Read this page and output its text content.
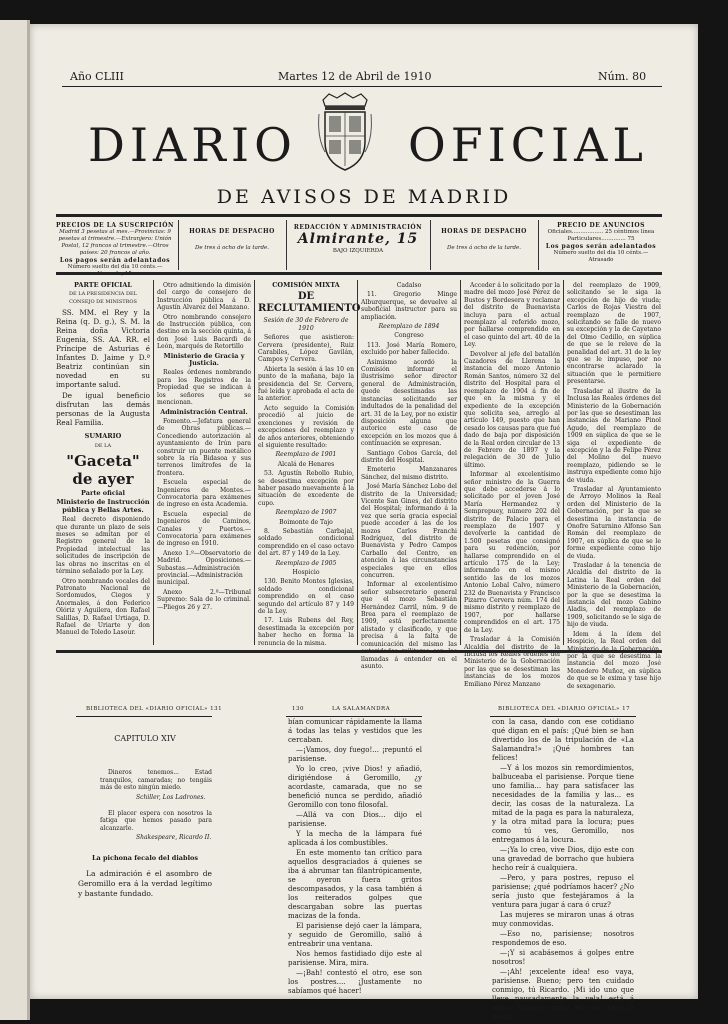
Año CLIII	Martes 12 de Abril de 1910	Núm. 80
DIARIO OFICIAL
DE AVISOS DE MADRID
PRECIOS DE LA SUSCRIPCIÓN
Madrid 3 pesetas al mes.—Provincias: 9 pesetas al trimestre.—Extranjero: Unión Postal, 12 francos al trimestre.—Otros países: 20 francos al año.
Los pagos serán adelantados
Número suelto del día 10 cénts.—Atrasado, 15.
HORAS DE DESPACHO
De tres á ocho de la tarde.
REDACCIÓN Y ADMINISTRACIÓN
Almirante, 15
BAJO IZQUIERDA
HORAS DE DESPACHO
De tres á ocho de la tarde.
PRECIO DE ANUNCIOS
Oficiales.................. 25 céntimos línea
Particulares.............. 75
Los pagos serán adelantados
Número suelto del día 10 cénts.—Atrasado

PARTE OFICIAL

DE LA PRESIDENCIA DEL CONSEJO DE MINISTROS

SS. MM. el Rey y la Reina (q. D. g.), S. M. la Reina doña Victoria Eugenia, SS. AA. RR. el Príncipe de Asturias é Infantes D. Jaime y D.ª Beatriz continúan sin novedad en su importante salud.

De igual beneficio disfrutan las demás personas de la Augusta Real Familia.

SUMARIO

DE LA

"Gaceta" de ayer

Parte oficial

Ministerio de Instrucción pública y Bellas Artes.

Real decreto disponiendo que durante un plazo de seis meses se admitan por el Registro general de la Propiedad intelectual las solicitudes de inscripción de las obras no inscritas en el término señalado por la Ley.

Otro nombrando vocales del Patronato Nacional de Sordomudos, Ciegos y Anormales, á don Federico Olóriz y Aguilera, don Rafael Salillas, D. Rafael Urtiaga, D. Rafael de Uriarte y don Manuel de Toledo Lasour.

Otro admitiendo la dimisión del cargo de consejero de Instrucción pública á D. Agustín Alvarez del Manzano.

Otro nombrando consejero de Instrucción pública, con destino en la sección quinta, á don José Luis Bacardi de León, marqués de Retortillo

Ministerio de Gracia y Justicia.

Reales órdenes nombrando para los Registros de la Propiedad que se indican á los señores que se mencionan.

Administración Central.

Fomento.—Jefatura general de Obras públicas.—Concediendo autorización al ayuntamiento de Irún para construir un puente metálico sobre la ría Bidasoa y sus terrenos limítrofes de la frontera.

Escuela especial de Ingenieros de Montes.—Convocatoria para exámenes de ingreso en esta Academia.

Escuela especial de Ingenieros de Caminos, Canales y Puertos.—Convocatoria para exámenes de ingreso en 1910.

Anexo 1.º—Observatorio de Madrid. Oposiciones.—Subastas.—Administración provincial.—Administración municipal.

Anexo 2.º—Tribunal Supremo: Sala de lo criminal.—Pliegos 26 y 27.

COMISIÓN MIXTA

DE RECLUTAMIENTO

Sesión de 30 de Febrero de 1910

Señores que asistieron: Cervera (presidente), Ruiz Carabiles, López Gavilán, Campos y Cervera.

Abierta la sesión á las 10 en punto de la mañana, bajo la presidencia del Sr. Cervera, fué leída y aprobada el acta de la anterior.

Acto seguido la Comisión procedió al juicio de exenciones y revisión de excepciones del reemplazo y de años anteriores, obteniendo el siguiente resultado:

Reemplazo de 1901

Alcalá de Henares

53. Agustín Rebollo Rubio, se desestima excepción por haber pasado nuevamente á la situación de excedente de cupo.

Reemplazo de 1907

Boimonte de Tajo

8. Sebastián Carbajal, soldado condicional comprendido en el caso octavo del art. 87 y 149 de la Ley.

Reemplazo de 1905

Hospicio

130. Benito Montes Iglesias, soldado condicional comprendido en el caso segundo del artículo 87 y 149 de la Ley.

17. Luis Rubens del Rey, desestimada la excepción por haber hecho en forma la renuncia de la misma.

Cadalso

11. Gregorio Minge Alburquerque, se devuelve al suboficial instructor para su ampliación.

Reemplazo de 1894

Congreso

113. José María Romero, excluido por haber fallecido.

Asimismo acordó la Comisión informar el ilustrísimo señor director general de Administración, quede desestimadas las instancias solicitando ser indultados de la penalidad del art. 31 de la Ley, por no existir disposición alguna que autorice este caso de excepción en los mozos que á continuación se expresan.

Santiago Cobos García, del distrito del Hospital.

Emeterio Manzanares Sánchez, del mismo distrito.

José María Sánchez Lobo del distrito de la Universidad; Vicente San Gines, del distrito del Hospital; informando á la vez que sería gracia especial puede acceder á las de los mozos Carlos Franchi Rodríguez, del distrito de Buenavista y Pedro Campos Carballo del Centro, en atención á las circunstancias especiales que en ellos concurren.

Informar al excelentísimo señor subsecretario general que el mozo Sebastián Hernández Carril, núm. 9 de Brea para el reemplazo de 1909, está perfectamente alistado y clasificado, y que precisa á la falta de comunicación del mismo las autoridades militares son las llamadas á entender en el asunto.

Acceder á lo solicitado por la madre del mozo José Pérez de Bustos y Bordesera y reclamar del distrito de Buenavista incluya para el actual reemplazo al referido mozo, por hallarse comprendido en el caso quinto del art. 40 de la Ley.

Devolver al jefe del batallón Cazadores de Llerena la instancia del mozo Antonio Román Santos, número 32 del distrito del Hospital para el reemplazo de 1904 á fin de que en la misma y el expediente de la excepción que solicita sea, arreglo al artículo 149, puesto que han cesado los causas para que fué dado de baja por disposición de la Real orden circular de 13 de Febrero de 1897 y la relegación de 30 de Julio último.

Informar al excelentísimo señor ministro de la Guerra que debe accederse á lo solicitado por el joven José María Hermandez y Semprepuey, número 202 del distrito de Palacio para el reemplazo de 1907 y devolverle la cantidad de 1.500 pesetas que consignó para su redención, por hallarse comprendido en el artículo 175 de la Ley; informando en el mismo sentido las de los mozos Antonio Lobal Calvo, número 232 de Buenavista y Francisco Pizarro Cervera núm. 174 del mismo distrito y reemplazo de 1907, por hallarse comprendidos en el art. 175 de la Ley.

Trasladar á la Comisión Alcaldía del distrito de la Inclusa los Reales órdenes del Ministerio de la Gobernación por las que se desestiman las instancias de los mozos Emiliano Pérez Manzano

del reemplazo de 1909, solicitando se le siga la excepción de hijo de viuda; Carlos de Rojas Viestra del reemplazo de 1907, solicitando se falle de nuevo su excepción y la de Cayetano del Olmo Cedillo, en súplica de que se le releve de la penalidad del art. 31 de la ley que se le impuso, por no encontrarse aclarado la situación que le permitiere presentarse.

Trasladar al ilustre de la Inclusa las Reales órdenes del Ministerio de la Gobernación por las que se desestiman las instancias de Mariano Pinol Agudo, del reemplazo de 1909 en súplica de que se le siga el expediente de excepción y la de Felipe Pérez del Molino del nuevo reemplazo, pidiendo se le instruya expediente como hijo de viuda.

Trasladar al Ayuntamiento de Arroyo Molinos la Real orden del Ministerio de la Gobernación, por la que se desestima la instancia de Onofre Saturnino Alfonso San Román del reemplazo de 1907, en súplica de que se le forme expediente como hijo de viuda.

Trasladar á la tenencia de Alcaldía del distrito de la Latina la Real orden del Ministerio de la Gobernación, por la que se desestima la instancia del mozo Gabino Aladis, del reemplazo de 1909, solicitando se le siga de hijo de viuda.

Idem á la ídem del Hospicio, la Real orden del Ministerio de la Gobernación, por la que se desestima la instancia del mozo José Monedero Muñoz, en súplica de que se le exima y tase hijo de sexagenario.

BIBLIOTECA DEL «DIARIO OFICIAL» 131

CAPITULO XIV

Dineros tenemos... Estad tranquilos, camaradas; no tengáis más de esto ningún miedo.

Schiller, Los Ladrones.

El placer espera con nosotros la fatiga que hemos pasado para alcanzarle.

Shakespeare, Ricardo II.

La pichona fecalo del diablos

La admiración é el asombro de Geromillo era á la verdad legítimo y bastante fundado.

130	LA SALAMANDRA

bían comunicar rápidamente la llama á todas las telas y vestidos que les cercaban.

—¡Vamos, doy fuego!... ¡repuntó el parisiense.

Yo lo creo, ¡vive Dios! y añadió, dirigiéndose á Geromillo, ¿y acordaste, camarada, que no se benefició nunca se perdido, añadió Geromillo con tono filosofal.

—Allá va con Dios... dijo el parisiense.

Y la mecha de la lámpara fué aplicada á los combustibles.

En este momento tan crítico para aquellos desgraciados á quienes se iba á abrumar tan filantrópicamente, se oyeron fuera gritos descompasados, y la casa también á los reiterados golpes que descargaban sobre las puertas macizas de la fonda.

El parisiense dejó caer la lámpara, y seguido de Geromillo, salió á entreabrir una ventana.

Nos hemos fastidiado dijo este al parisiense. Mira, mira.

—¡Bah! contestó el otro, ese son los postres.... ¡Justamente no sabíamos qué hacer!

BIBLIOTECA DEL «DIARIO OFICIAL» 17

con la casa, dando con ese cotidiano qué digan en el país: ¡Qué bien se han divertido los de la tripulación de «La Salamandra!» ¡Qué hombres tan felices!

—Y á los mozos sin remordimientos, balbuceaba el parisiense. Porque tiene uno familia... hay para satisfacer las necesidades de la familia y las... es decir, las cosas de la naturaleza. La mitad de la paga es para la naturaleza, y la otra mitad para la locura; pues como tú ves, Geromillo, nos entregamos á la locura.

—¡Ya lo creo, vive Dios, dijo este con una gravedad de borracho que hubiera hecho reír á cualquiera.

—Pero, y para postres, repuso el parisiense; ¿qué podríamos hacer? ¿No sería justo que festejáramos á la ventura para jugar á cara ó cruz?

Las mujeres se miraron unas á otras muy conmovidas.

—Eso no, parisiense; nosotros respondemos de eso.

—¡Y si acabásemos á golpes entre nosotros!

—¡Ah! ¡excelente idea! eso vaya, parisiense. Bueno; pero ten cuidado conmigo, tú Ricardo. ¡Mi ido uno que lleve pausadamente la vela! está á capa. ¡Vamos, arria! eso es, bajo la mesa.
